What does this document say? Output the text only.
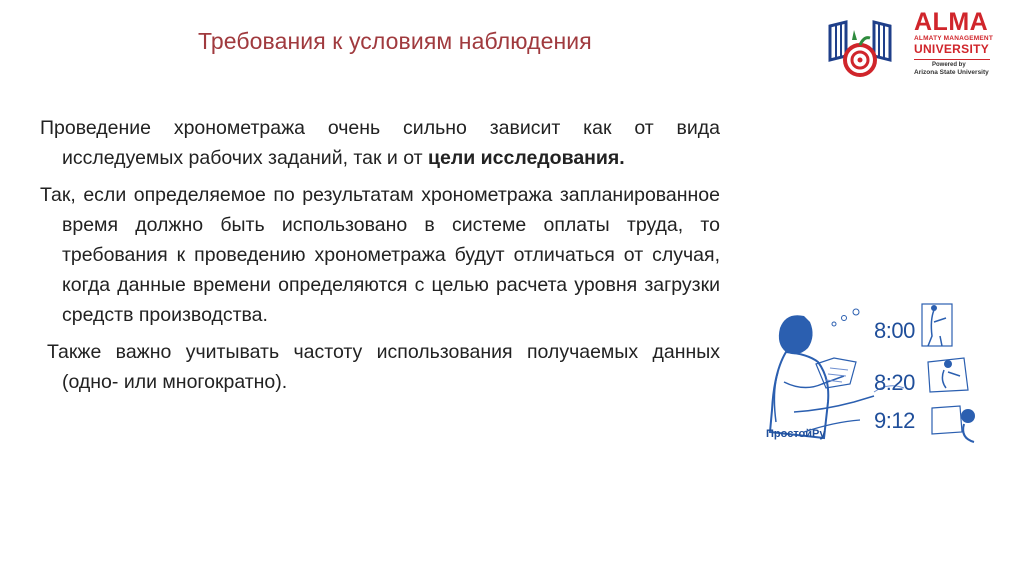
Требования к условиям наблюдения
ALMA
ALMATY MANAGEMENT
UNIVERSITY
Powered by
Arizona State University
Проведение хронометража очень сильно зависит как от вида исследуемых рабочих заданий, так и от цели исследования.
Так, если определяемое по результатам хронометража запланированное время должно быть использовано в системе оплаты труда, то требования к проведению хронометража будут отличаться от случая, когда данные времени определяются с целью расчета уровня загрузки средств производства.
Также важно учитывать частоту использования получаемых данных (одно- или многократно).
8:00
8:20
9:12
ПростойРу
